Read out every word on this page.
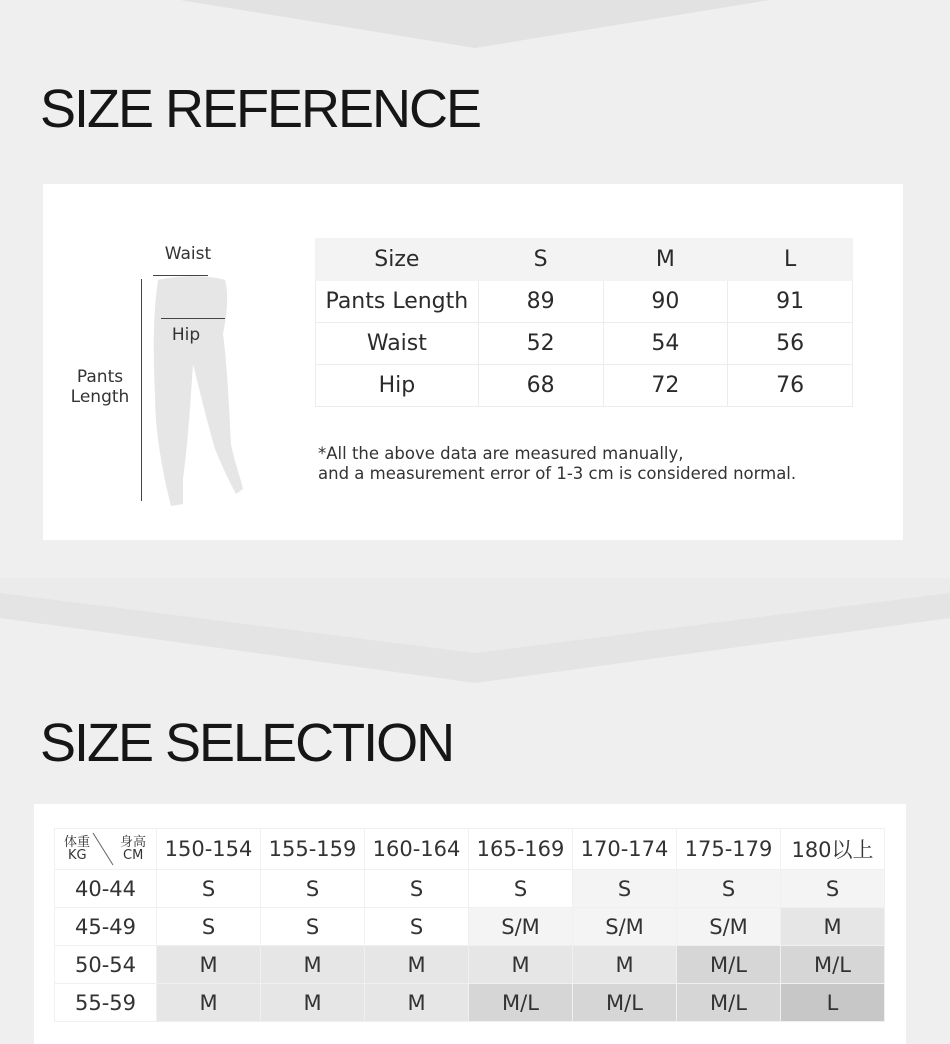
SIZE REFERENCE
Waist
Hip
Pants
Length
Size	S	M	L
Pants Length	89	90	91
Waist	52	54	56
Hip	68	72	76
*All the above data are measured manually,
and a measurement error of 1-3 cm is considered normal.
SIZE SELECTION
体重
KG
身高
CM	150-154	155-159	160-164	165-169	170-174	175-179	180以上
40-44	S	S	S	S	S	S	S
45-49	S	S	S	S/M	S/M	S/M	M
50-54	M	M	M	M	M	M/L	M/L
55-59	M	M	M	M/L	M/L	M/L	L
